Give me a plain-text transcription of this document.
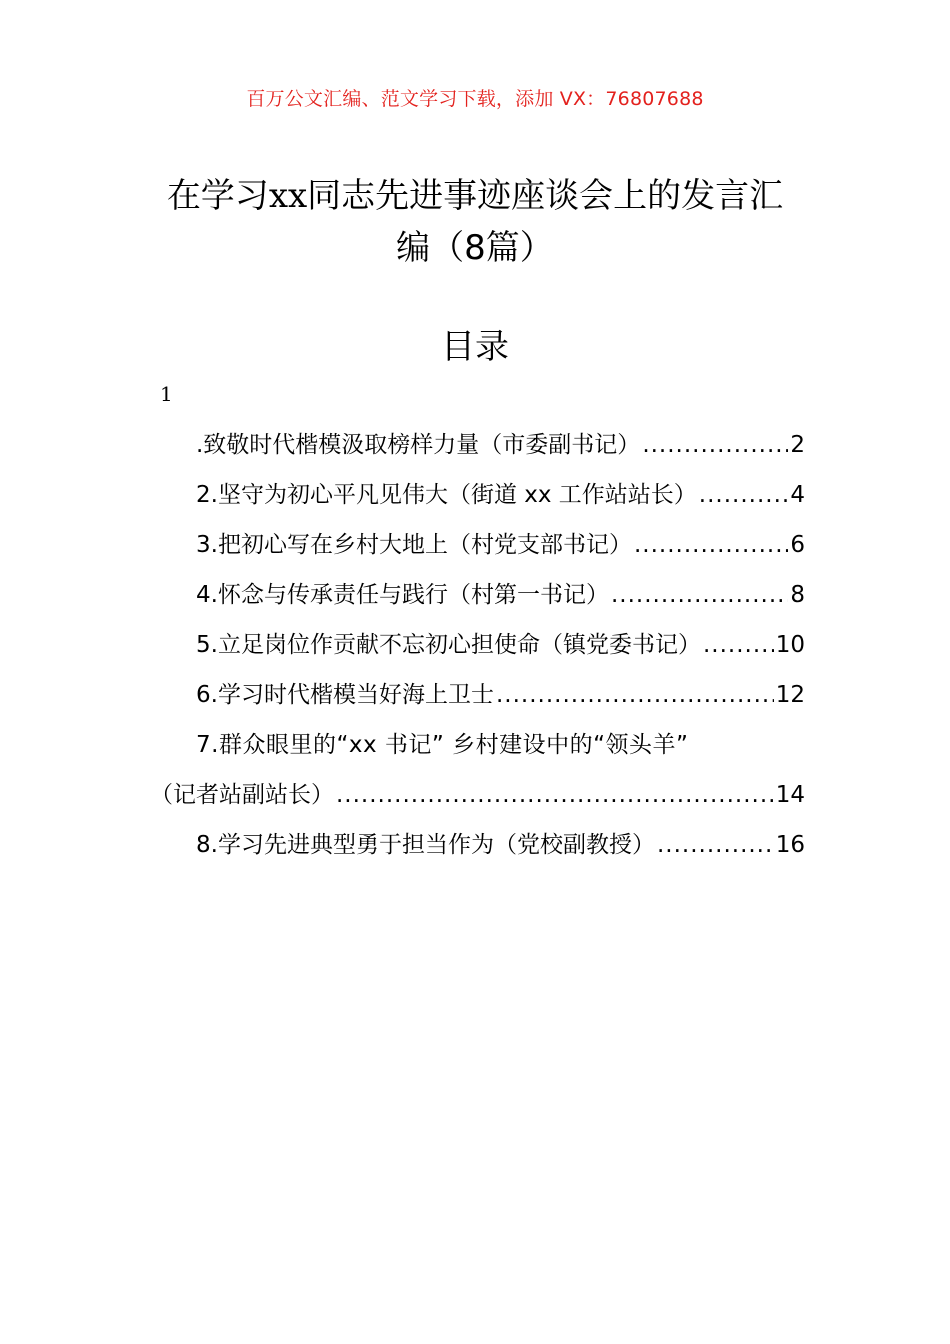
百万公文汇编、范文学习下载，添加 VX：76807688
在学习xx同志先进事迹座谈会上的发言汇
编（8篇）
目录
1
.致敬时代楷模汲取榜样力量（市委副书记） .....	2
2.坚守为初心平凡见伟大（街道 xx 工作站站长） .....	4
3.把初心写在乡村大地上（村党支部书记） .....	6
4.怀念与传承责任与践行（村第一书记） .....	8
5.立足岗位作贡献不忘初心担使命（镇党委书记） .....	10
6.学习时代楷模当好海上卫士 .....	12
7.群众眼里的“xx 书记” 乡村建设中的“领头羊”
（记者站副站长） .....	14
8.学习先进典型勇于担当作为（党校副教授） .....	16
